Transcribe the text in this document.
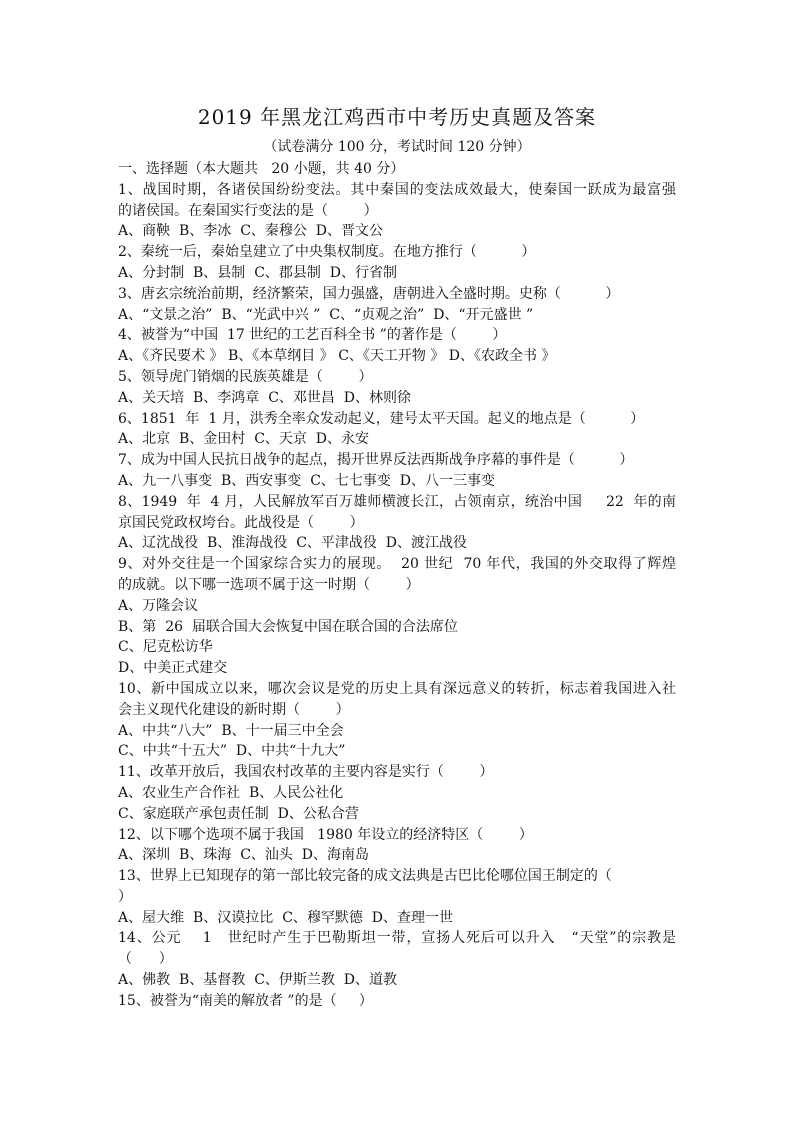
2019 年黑龙江鸡西市中考历史真题及答案
（试卷满分 100 分，考试时间 120 分钟）
一、选择题（本大题共   20 小题，共 40 分）
1、战国时期，各诸侯国纷纷变法。其中秦国的变法成效最大，使秦国一跃成为最富强
的诸侯国。在秦国实行变法的是（        ）
A、商鞅  B、李冰  C、秦穆公  D、晋文公
2、秦统一后，秦始皇建立了中央集权制度。在地方推行（          ）
A、分封制  B、县制  C、郡县制  D、行省制
3、唐玄宗统治前期，经济繁荣，国力强盛，唐朝进入全盛时期。史称（          ）
A、“文景之治”  B、“光武中兴 ”  C、“贞观之治”  D、“开元盛世 ”
4、被誉为“中国  17 世纪的工艺百科全书 ”的著作是（        ）
A、《齐民要术 》 B、《本草纲目 》 C、《天工开物 》 D、《农政全书 》
5、领导虎门销烟的民族英雄是（        ）
A、关天培  B、李鸿章  C、邓世昌  D、林则徐
6、1851  年  1 月，洪秀全率众发动起义，建号太平天国。起义的地点是（          ）
A、北京  B、金田村  C、天京  D、永安
7、成为中国人民抗日战争的起点，揭开世界反法西斯战争序幕的事件是（          ）
A、九一八事变  B、西安事变  C、七七事变  D、八一三事变
8、1949  年  4 月，人民解放军百万雄师横渡长江，占领南京，统治中国     22  年的南
京国民党政权垮台。此战役是（        ）
A、辽沈战役  B、淮海战役  C、平津战役  D、渡江战役
9、对外交往是一个国家综合实力的展现。  20 世纪  70 年代，我国的外交取得了辉煌
的成就。以下哪一选项不属于这一时期（        ）
A、万隆会议
B、第  26  届联合国大会恢复中国在联合国的合法席位
C、尼克松访华
D、中美正式建交
10、新中国成立以来，哪次会议是党的历史上具有深远意义的转折，标志着我国进入社
会主义现代化建设的新时期（        ）
A、中共“八大”  B、十一届三中全会
C、中共“十五大”  D、中共“十九大”
11、改革开放后，我国农村改革的主要内容是实行（        ）
A、农业生产合作社  B、人民公社化
C、家庭联产承包责任制  D、公私合营
12、以下哪个选项不属于我国   1980 年设立的经济特区（        ）
A、深圳  B、珠海  C、汕头  D、海南岛
13、世界上已知现存的第一部比较完备的成文法典是古巴比伦哪位国王制定的（
）
A、屋大维  B、汉谟拉比  C、穆罕默德  D、查理一世
14、公元    1   世纪时产生于巴勒斯坦一带，宣扬人死后可以升入   “天堂”的宗教是
（      ）
A、佛教  B、基督教  C、伊斯兰教  D、道教
15、被誉为“南美的解放者 ”的是（     ）
